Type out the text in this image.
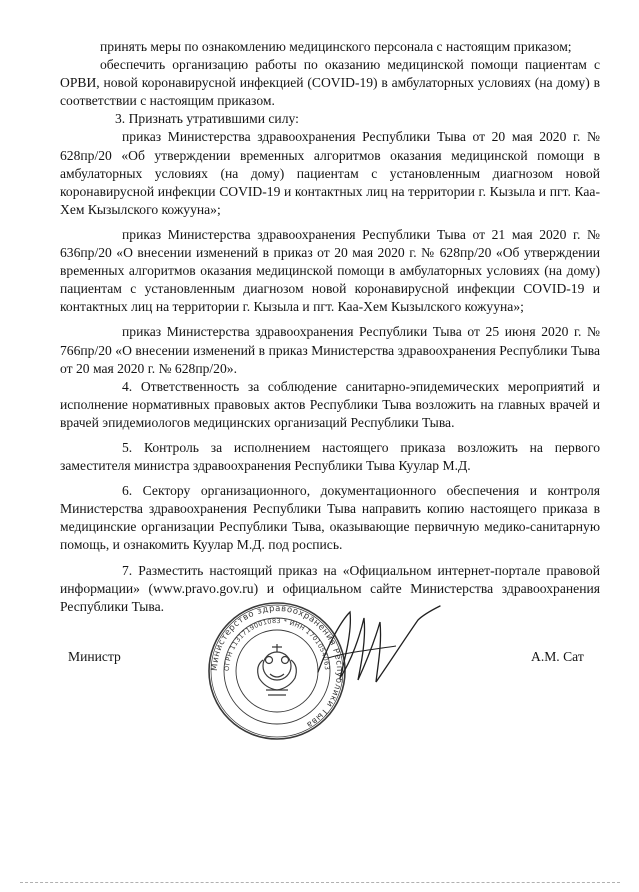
принять меры по ознакомлению медицинского персонала с настоящим приказом;

обеспечить организацию работы по оказанию медицинской помощи пациентам с ОРВИ, новой коронавирусной инфекцией (COVID-19) в амбулаторных условиях (на дому) в соответствии с настоящим приказом.

3. Признать утратившими силу:

приказ Министерства здравоохранения Республики Тыва от 20 мая 2020 г. № 628пр/20 «Об утверждении временных алгоритмов оказания медицинской помощи в амбулаторных условиях (на дому) пациентам с установленным диагнозом новой коронавирусной инфекции COVID-19 и контактных лиц на территории г. Кызыла и пгт. Каа-Хем Кызылского кожууна»;

приказ Министерства здравоохранения Республики Тыва от 21 мая 2020 г. № 636пр/20 «О внесении изменений в приказ от 20 мая 2020 г. № 628пр/20 «Об утверждении временных алгоритмов оказания медицинской помощи в амбулаторных условиях (на дому) пациентам с установленным диагнозом новой коронавирусной инфекции COVID-19 и контактных лиц на территории г. Кызыла и пгт. Каа-Хем Кызылского кожууна»;

приказ Министерства здравоохранения Республики Тыва от 25 июня 2020 г. № 766пр/20 «О внесении изменений в приказ Министерства здравоохранения Республики Тыва от 20 мая 2020 г. № 628пр/20».

4. Ответственность за соблюдение санитарно-эпидемических мероприятий и исполнение нормативных правовых актов Республики Тыва возложить на главных врачей и врачей эпидемиологов медицинских организаций Республики Тыва.

5. Контроль за исполнением настоящего приказа возложить на первого заместителя министра здравоохранения Республики Тыва Куулар М.Д.

6. Сектору организационного, документационного обеспечения и контроля Министерства здравоохранения Республики Тыва направить копию настоящего приказа в медицинские организации Республики Тыва, оказывающие первичную медико-санитарную помощь, и ознакомить Куулар М.Д. под роспись.

7. Разместить настоящий приказ на «Официальном интернет-портале правовой информации» (www.pravo.gov.ru) и официальном сайте Министерства здравоохранения Республики Тыва.

Министерство здравоохранения Республики Тыва
ОГРН 1131719001083 * ИНН 1701054063
Министр	А.М. Сат
